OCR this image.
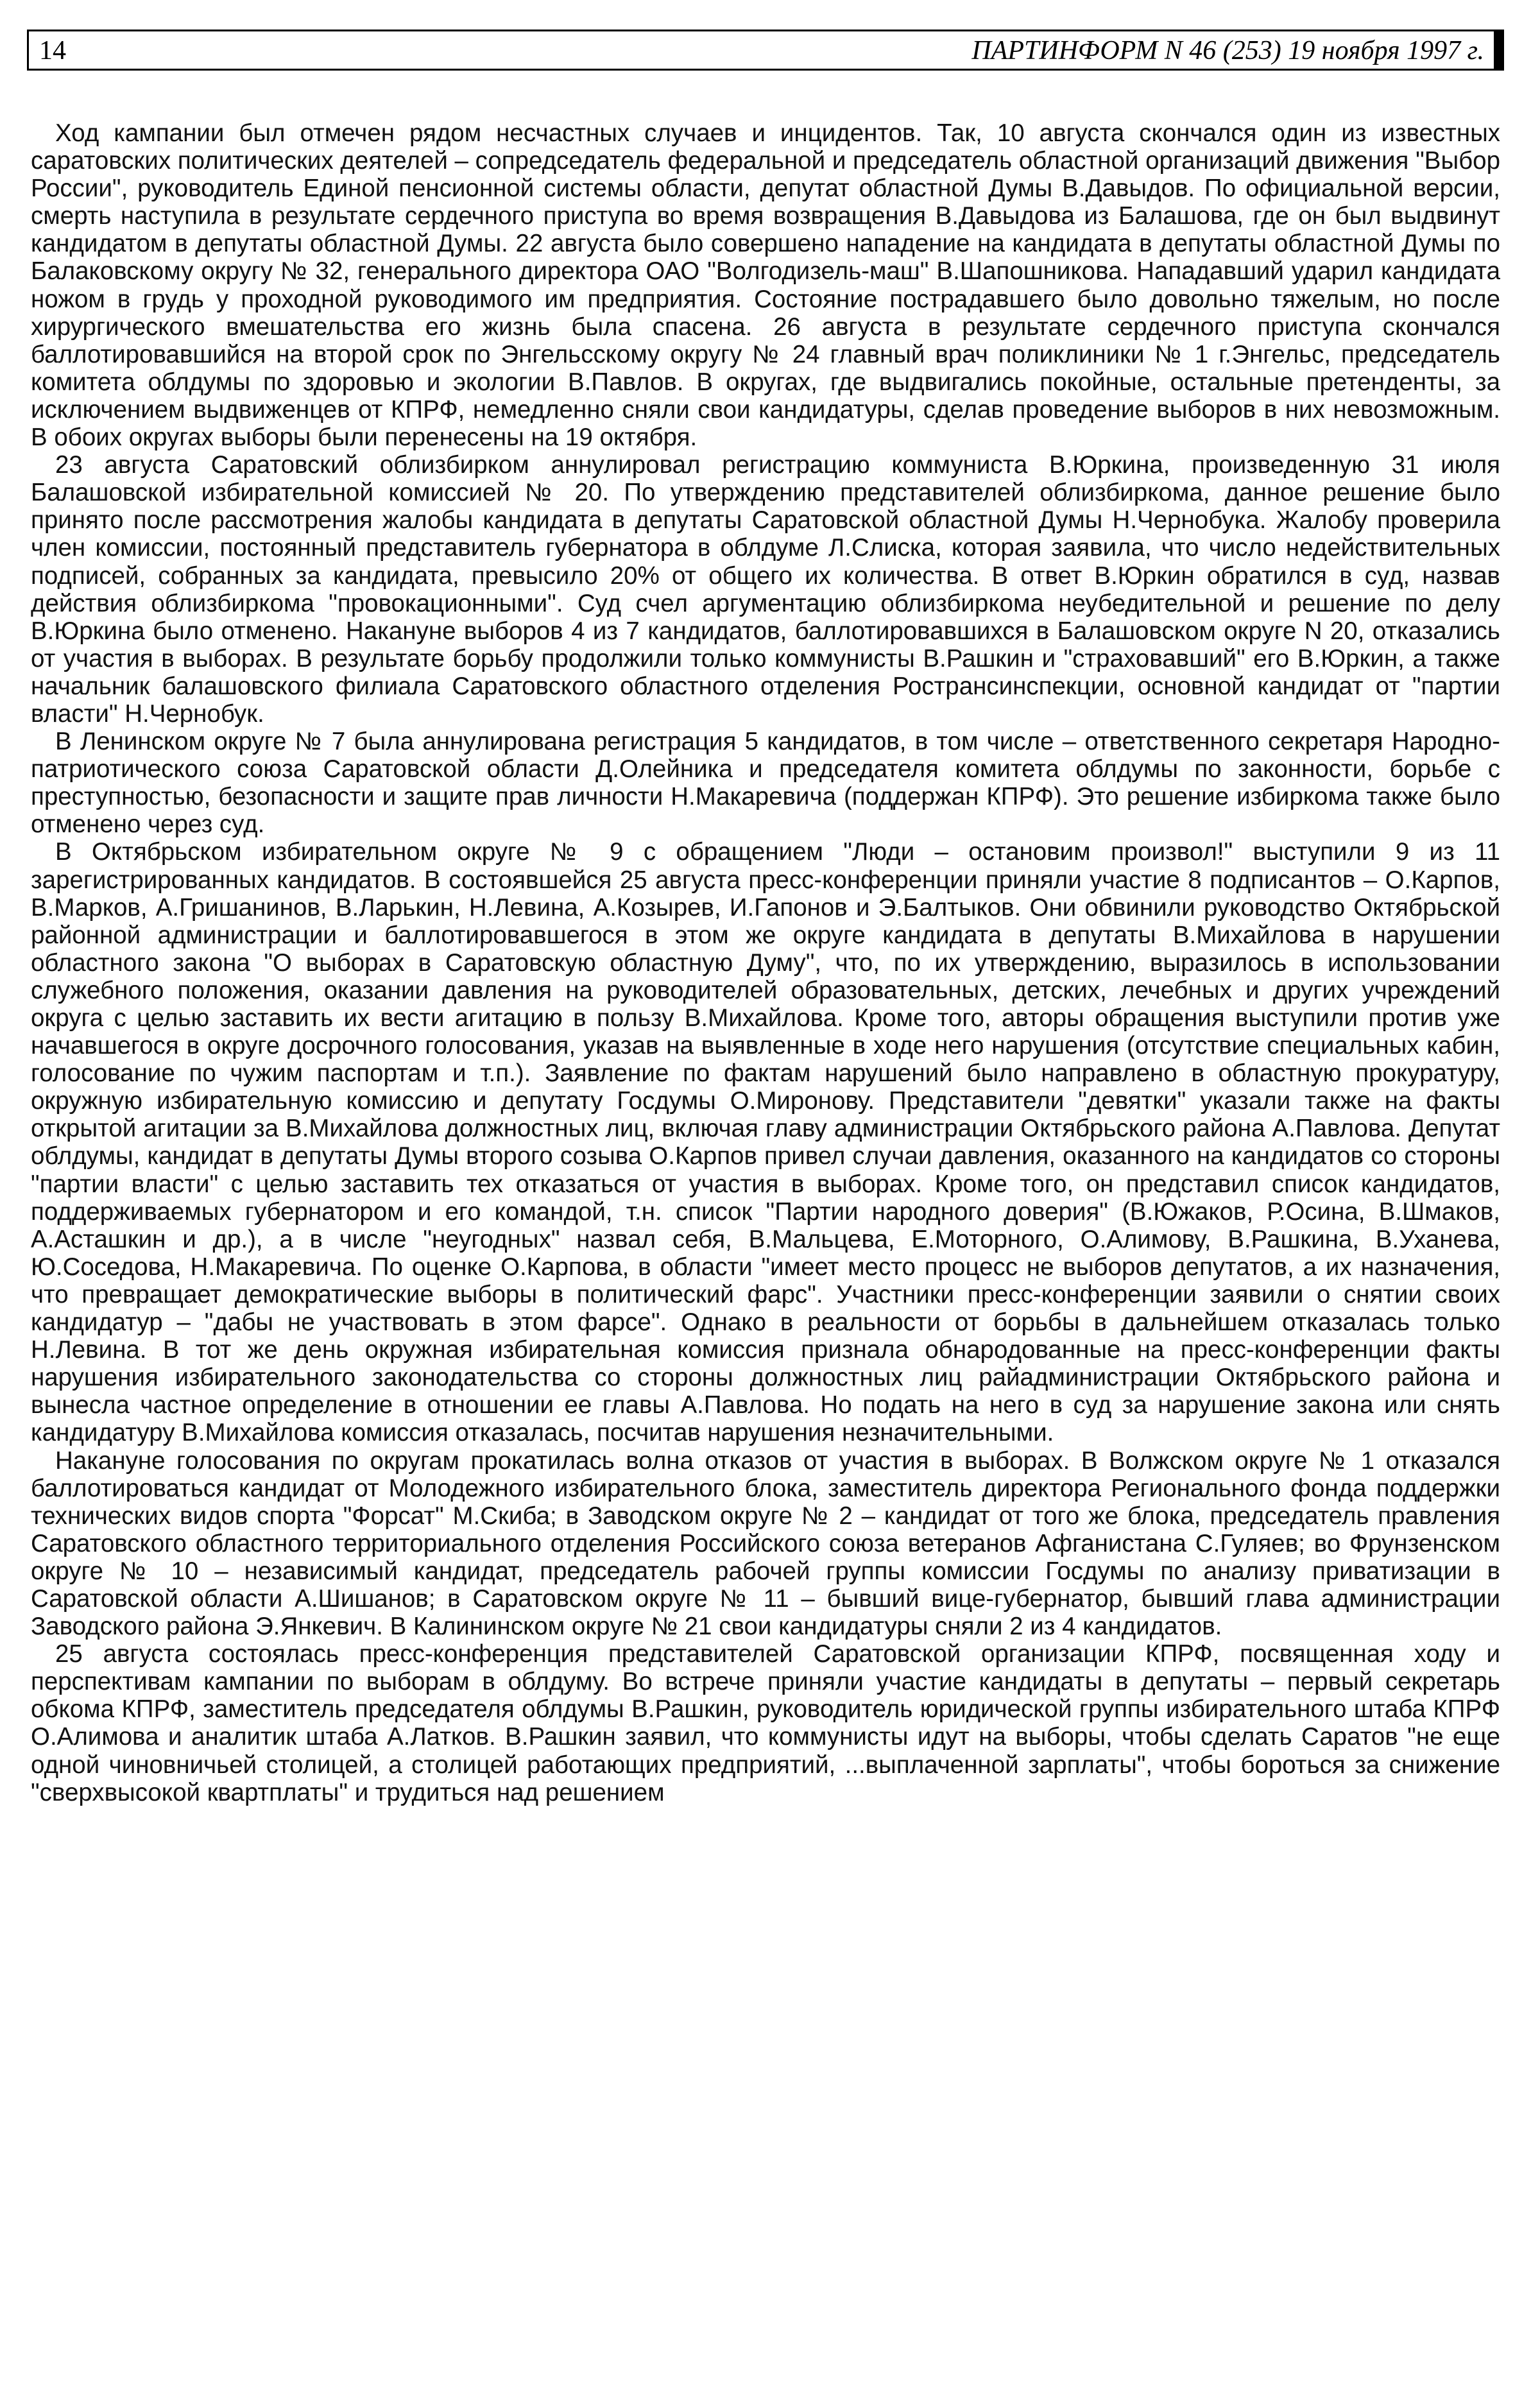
14	ПАРТИНФОРМ N 46 (253) 19 ноября 1997 г.

Ход кампании был отмечен рядом несчастных случаев и инцидентов. Так, 10 августа скончался один из известных саратовских политических деятелей – сопредседатель федеральной и председатель областной организаций движения "Выбор России", руководитель Единой пенсионной системы области, депутат областной Думы В.Давыдов. По официальной версии, смерть наступила в результате сердечного приступа во время возвращения В.Давыдова из Балашова, где он был выдвинут кандидатом в депутаты областной Думы. 22 августа было совершено нападение на кандидата в депутаты областной Думы по Балаковскому округу № 32, генерального директора ОАО "Волгодизель-маш" В.Шапошникова. Нападавший ударил кандидата ножом в грудь у проходной руководимого им предприятия. Состояние пострадавшего было довольно тяжелым, но после хирургического вмешательства его жизнь была спасена. 26 августа в результате сердечного приступа скончался баллотировавшийся на второй срок по Энгельсскому округу № 24 главный врач поликлиники № 1 г.Энгельс, председатель комитета облдумы по здоровью и экологии В.Павлов. В округах, где выдвигались покойные, остальные претенденты, за исключением выдвиженцев от КПРФ, немедленно сняли свои кандидатуры, сделав проведение выборов в них невозможным. В обоих округах выборы были перенесены на 19 октября.

23 августа Саратовский облизбирком аннулировал регистрацию коммуниста В.Юркина, произведенную 31 июля Балашовской избирательной комиссией № 20. По утверждению представителей облизбиркома, данное решение было принято после рассмотрения жалобы кандидата в депутаты Саратовской областной Думы Н.Чернобука. Жалобу проверила член комиссии, постоянный представитель губернатора в облдуме Л.Слиска, которая заявила, что число недействительных подписей, собранных за кандидата, превысило 20% от общего их количества. В ответ В.Юркин обратился в суд, назвав действия облизбиркома "провокационными". Суд счел аргументацию облизбиркома неубедительной и решение по делу В.Юркина было отменено. Накануне выборов 4 из 7 кандидатов, баллотировавшихся в Балашовском округе N 20, отказались от участия в выборах. В результате борьбу продолжили только коммунисты В.Рашкин и "страховавший" его В.Юркин, а также начальник балашовского филиала Саратовского областного отделения Ространсинспекции, основной кандидат от "партии власти" Н.Чернобук.

В Ленинском округе № 7 была аннулирована регистрация 5 кандидатов, в том числе – ответственного секретаря Народно-патриотического союза Саратовской области Д.Олейника и председателя комитета облдумы по законности, борьбе с преступностью, безопасности и защите прав личности Н.Макаревича (поддержан КПРФ). Это решение избиркома также было отменено через суд.

В Октябрьском избирательном округе № 9 с обращением "Люди – остановим произвол!" выступили 9 из 11 зарегистрированных кандидатов. В состоявшейся 25 августа пресс-конференции приняли участие 8 подписантов – О.Карпов, В.Марков, А.Гришанинов, В.Ларькин, Н.Левина, А.Козырев, И.Гапонов и Э.Балтыков. Они обвинили руководство Октябрьской районной администрации и баллотировавшегося в этом же округе кандидата в депутаты В.Михайлова в нарушении областного закона "О выборах в Саратовскую областную Думу", что, по их утверждению, выразилось в использовании служебного положения, оказании давления на руководителей образовательных, детских, лечебных и других учреждений округа с целью заставить их вести агитацию в пользу В.Михайлова. Кроме того, авторы обращения выступили против уже начавшегося в округе досрочного голосования, указав на выявленные в ходе него нарушения (отсутствие специальных кабин, голосование по чужим паспортам и т.п.). Заявление по фактам нарушений было направлено в областную прокуратуру, окружную избирательную комиссию и депутату Госдумы О.Миронову. Представители "девятки" указали также на факты открытой агитации за В.Михайлова должностных лиц, включая главу администрации Октябрьского района А.Павлова. Депутат облдумы, кандидат в депутаты Думы второго созыва О.Карпов привел случаи давления, оказанного на кандидатов со стороны "партии власти" с целью заставить тех отказаться от участия в выборах. Кроме того, он представил список кандидатов, поддерживаемых губернатором и его командой, т.н. список "Партии народного доверия" (В.Южаков, Р.Осина, В.Шмаков, А.Асташкин и др.), а в числе "неугодных" назвал себя, В.Мальцева, Е.Моторного, О.Алимову, В.Рашкина, В.Уханева, Ю.Соседова, Н.Макаревича. По оценке О.Карпова, в области "имеет место процесс не выборов депутатов, а их назначения, что превращает демократические выборы в политический фарс". Участники пресс-конференции заявили о снятии своих кандидатур – "дабы не участвовать в этом фарсе". Однако в реальности от борьбы в дальнейшем отказалась только Н.Левина. В тот же день окружная избирательная комиссия признала обнародованные на пресс-конференции факты нарушения избирательного законодательства со стороны должностных лиц райадминистрации Октябрьского района и вынесла частное определение в отношении ее главы А.Павлова. Но подать на него в суд за нарушение закона или снять кандидатуру В.Михайлова комиссия отказалась, посчитав нарушения незначительными.

Накануне голосования по округам прокатилась волна отказов от участия в выборах. В Волжском округе № 1 отказался баллотироваться кандидат от Молодежного избирательного блока, заместитель директора Регионального фонда поддержки технических видов спорта "Форсат" М.Скиба; в Заводском округе № 2 – кандидат от того же блока, председатель правления Саратовского областного территориального отделения Российского союза ветеранов Афганистана С.Гуляев; во Фрунзенском округе № 10 – независимый кандидат, председатель рабочей группы комиссии Госдумы по анализу приватизации в Саратовской области А.Шишанов; в Саратовском округе № 11 – бывший вице-губернатор, бывший глава администрации Заводского района Э.Янкевич. В Калининском округе № 21 свои кандидатуры сняли 2 из 4 кандидатов.

25 августа состоялась пресс-конференция представителей Саратовской организации КПРФ, посвященная ходу и перспективам кампании по выборам в облдуму. Во встрече приняли участие кандидаты в депутаты – первый секретарь обкома КПРФ, заместитель председателя облдумы В.Рашкин, руководитель юридической группы избирательного штаба КПРФ О.Алимова и аналитик штаба А.Латков. В.Рашкин заявил, что коммунисты идут на выборы, чтобы сделать Саратов "не еще одной чиновничьей столицей, а столицей работающих предприятий, ...выплаченной зарплаты", чтобы бороться за снижение "сверхвысокой квартплаты" и трудиться над решением
